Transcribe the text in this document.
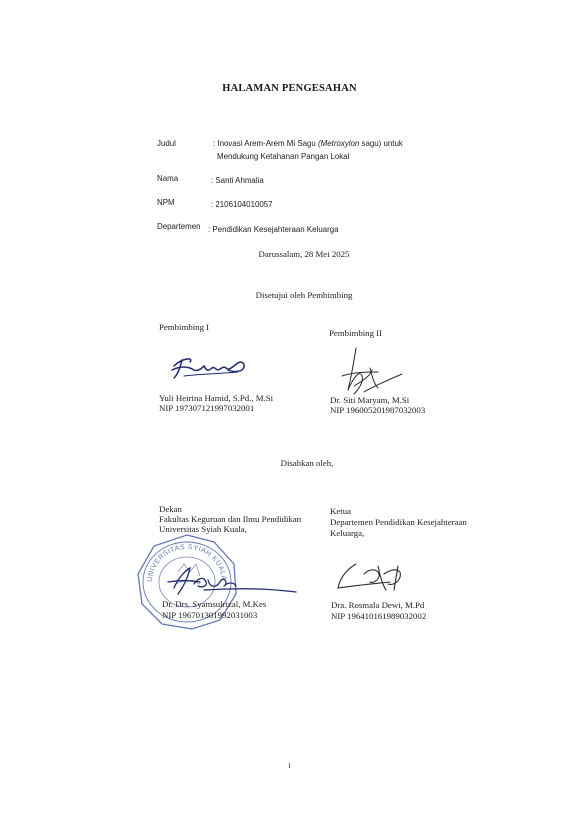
HALAMAN PENGESAHAN
Judul	: Inovasi Arem-Arem Mi Sagu (Metroxylon sagu) untuk
Mendukung Ketahanan Pangan Lokal
Nama	: Santi Ahmalia
NPM	: 2106104010057
Departemen : Pendidikan Kesejahteraan Keluarga
Darussalam, 28 Mei 2025
Disetujui oleh Pembimbing
Pembimbing I
Yuli Heirina Hamid, S.Pd., M.Si
NIP 197307121997032001
Pembimbing II
Dr. Siti Maryam, M.Si
NIP 196005201987032003
Disahkan oleh,
Dekan
Fakultas Keguruan dan Ilmu Pendidikan
Universitas Syiah Kuala,
UNIVERSITAS SYIAH KUALA
Dr. Drs. Syamsulrizal, M.Kes
NIP 196701301992031003
Ketua
Departemen Pendidikan Kesejahteraan
Keluarga,
Dra. Rosmala Dewi, M.Pd
NIP 196410161989032002
i
